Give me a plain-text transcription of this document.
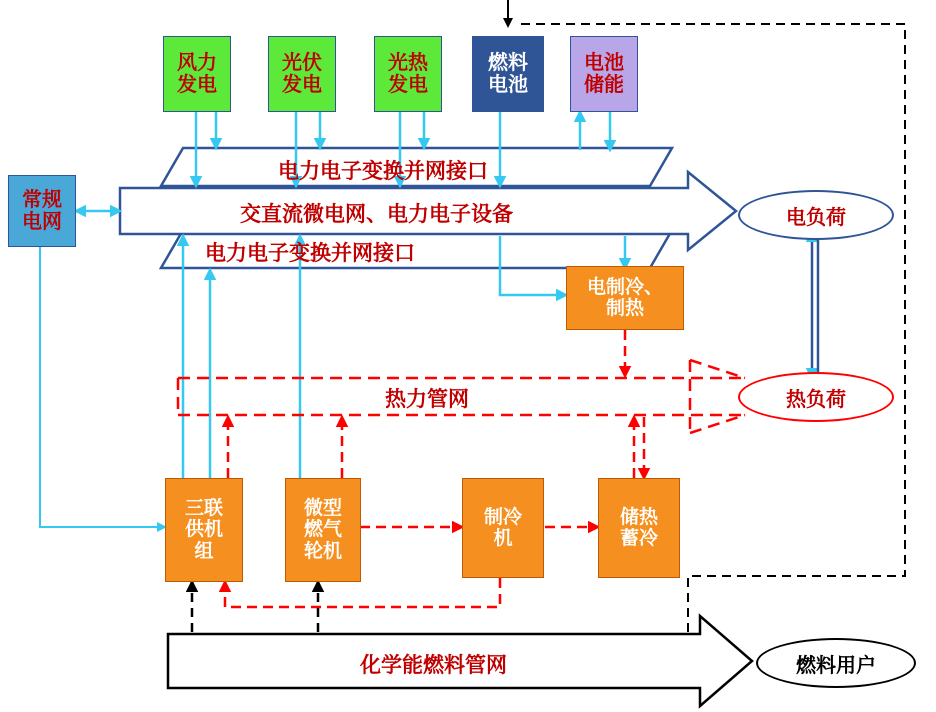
风力
发电
光伏
发电
光热
发电
燃料
电池
电池
储能
常规
电网
电力电子变换并网接口
交直流微电网、电力电子设备
电力电子变换并网接口
热力管网
化学能燃料管网
电负荷
热负荷
燃料用户
电制冷、
制热
三联
供机
组
微型
燃气
轮机
制冷
机
储热
蓄冷
